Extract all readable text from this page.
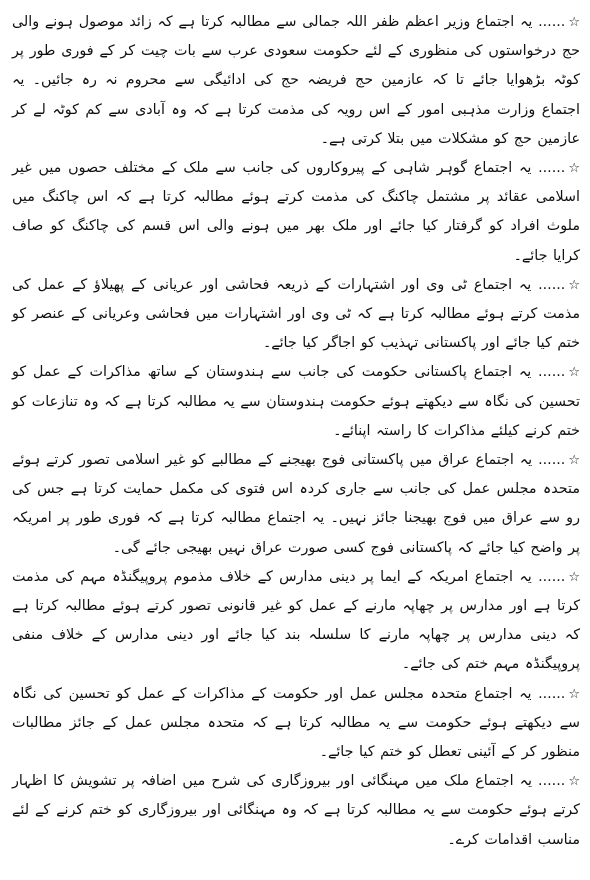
☆...... یہ اجتماع وزیر اعظم ظفر اللہ جمالی سے مطالبہ کرتا ہے کہ زائد موصول ہونے والی حج درخواستوں کی منظوری کے لئے حکومت سعودی عرب سے بات چیت کر کے فوری طور پر کوٹہ بڑھوایا جائے تا کہ عازمین حج فریضہ حج کی ادائیگی سے محروم نہ رہ جائیں۔ یہ اجتماع وزارت مذہبی امور کے اس رویہ کی مذمت کرتا ہے کہ وہ آبادی سے کم کوٹہ لے کر عازمین حج کو مشکلات میں بتلا کرتی ہے۔

☆...... یہ اجتماع گوہر شاہی کے پیروکاروں کی جانب سے ملک کے مختلف حصوں میں غیر اسلامی عقائد پر مشتمل چاکنگ کی مذمت کرتے ہوئے مطالبہ کرتا ہے کہ اس چاکنگ میں ملوث افراد کو گرفتار کیا جائے اور ملک بھر میں ہونے والی اس قسم کی چاکنگ کو صاف کرایا جائے۔

☆...... یہ اجتماع ٹی وی اور اشتہارات کے ذریعہ فحاشی اور عریانی کے پھیلاؤ کے عمل کی مذمت کرتے ہوئے مطالبہ کرتا ہے کہ ٹی وی اور اشتہارات میں فحاشی وعریانی کے عنصر کو ختم کیا جائے اور پاکستانی تہذیب کو اجاگر کیا جائے۔

☆...... یہ اجتماع پاکستانی حکومت کی جانب سے ہندوستان کے ساتھ مذاکرات کے عمل کو تحسین کی نگاہ سے دیکھتے ہوئے حکومت ہندوستان سے یہ مطالبہ کرتا ہے کہ وہ تنازعات کو ختم کرنے کیلئے مذاکرات کا راستہ اپنائے۔

☆...... یہ اجتماع عراق میں پاکستانی فوج بھیجنے کے مطالبے کو غیر اسلامی تصور کرتے ہوئے متحدہ مجلس عمل کی جانب سے جاری کردہ اس فتوی کی مکمل حمایت کرتا ہے جس کی رو سے عراق میں فوج بھیجنا جائز نہیں۔ یہ اجتماع مطالبہ کرتا ہے کہ فوری طور پر امریکہ پر واضح کیا جائے کہ پاکستانی فوج کسی صورت عراق نہیں بھیجی جائے گی۔

☆...... یہ اجتماع امریکہ کے ایما پر دینی مدارس کے خلاف مذموم پروپیگنڈہ مہم کی مذمت کرتا ہے اور مدارس پر چھاپہ مارنے کے عمل کو غیر قانونی تصور کرتے ہوئے مطالبہ کرتا ہے کہ دینی مدارس پر چھاپہ مارنے کا سلسلہ بند کیا جائے اور دینی مدارس کے خلاف منفی پروپیگنڈہ مہم ختم کی جائے۔

☆...... یہ اجتماع متحدہ مجلس عمل اور حکومت کے مذاکرات کے عمل کو تحسین کی نگاہ سے دیکھتے ہوئے حکومت سے یہ مطالبہ کرتا ہے کہ متحدہ مجلس عمل کے جائز مطالبات منظور کر کے آئینی تعطل کو ختم کیا جائے۔

☆...... یہ اجتماع ملک میں مہنگائی اور بیروزگاری کی شرح میں اضافہ پر تشویش کا اظہار کرتے ہوئے حکومت سے یہ مطالبہ کرتا ہے کہ وہ مہنگائی اور بیروزگاری کو ختم کرنے کے لئے مناسب اقدامات کرے۔
